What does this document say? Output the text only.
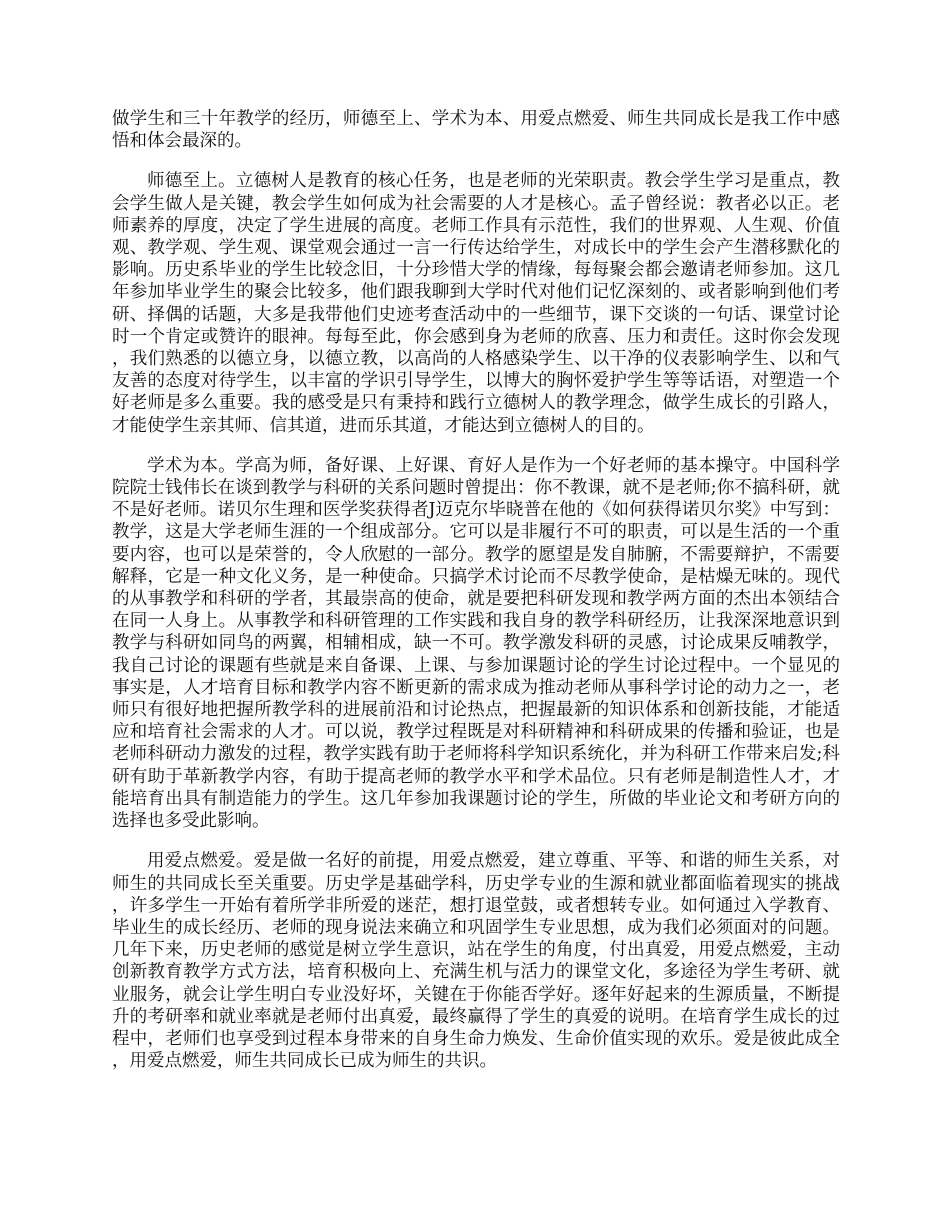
做学生和三十年教学的经历，师德至上、学术为本、用爱点燃爱、师生共同成长是我工作中感悟和体会最深的。

师德至上。立德树人是教育的核心任务，也是老师的光荣职责。教会学生学习是重点，教会学生做人是关键，教会学生如何成为社会需要的人才是核心。孟子曾经说：教者必以正。老师素养的厚度，决定了学生进展的高度。老师工作具有示范性，我们的世界观、人生观、价值观、教学观、学生观、课堂观会通过一言一行传达给学生，对成长中的学生会产生潜移默化的影响。历史系毕业的学生比较念旧，十分珍惜大学的情缘，每每聚会都会邀请老师参加。这几年参加毕业学生的聚会比较多，他们跟我聊到大学时代对他们记忆深刻的、或者影响到他们考研、择偶的话题，大多是我带他们史迹考查活动中的一些细节，课下交谈的一句话、课堂讨论时一个肯定或赞许的眼神。每每至此，你会感到身为老师的欣喜、压力和责任。这时你会发现，我们熟悉的以德立身，以德立教，以高尚的人格感染学生、以干净的仪表影响学生、以和气友善的态度对待学生，以丰富的学识引导学生，以博大的胸怀爱护学生等等话语，对塑造一个好老师是多么重要。我的感受是只有秉持和践行立德树人的教学理念，做学生成长的引路人，才能使学生亲其师、信其道，进而乐其道，才能达到立德树人的目的。

学术为本。学高为师，备好课、上好课、育好人是作为一个好老师的基本操守。中国科学院院士钱伟长在谈到教学与科研的关系问题时曾提出：你不教课，就不是老师;你不搞科研，就不是好老师。诺贝尔生理和医学奖获得者J迈克尔毕晓普在他的《如何获得诺贝尔奖》中写到：教学，这是大学老师生涯的一个组成部分。它可以是非履行不可的职责，可以是生活的一个重要内容，也可以是荣誉的，令人欣慰的一部分。教学的愿望是发自肺腑，不需要辩护，不需要解释，它是一种文化义务，是一种使命。只搞学术讨论而不尽教学使命，是枯燥无味的。现代的从事教学和科研的学者，其最崇高的使命，就是要把科研发现和教学两方面的杰出本领结合在同一人身上。从事教学和科研管理的工作实践和我自身的教学科研经历，让我深深地意识到教学与科研如同鸟的两翼，相辅相成，缺一不可。教学激发科研的灵感，讨论成果反哺教学，我自己讨论的课题有些就是来自备课、上课、与参加课题讨论的学生讨论过程中。一个显见的事实是，人才培育目标和教学内容不断更新的需求成为推动老师从事科学讨论的动力之一，老师只有很好地把握所教学科的进展前沿和讨论热点，把握最新的知识体系和创新技能，才能适应和培育社会需求的人才。可以说，教学过程既是对科研精神和科研成果的传播和验证，也是老师科研动力激发的过程，教学实践有助于老师将科学知识系统化，并为科研工作带来启发;科研有助于革新教学内容，有助于提高老师的教学水平和学术品位。只有老师是制造性人才，才能培育出具有制造能力的学生。这几年参加我课题讨论的学生，所做的毕业论文和考研方向的选择也多受此影响。

用爱点燃爱。爱是做一名好的前提，用爱点燃爱，建立尊重、平等、和谐的师生关系，对师生的共同成长至关重要。历史学是基础学科，历史学专业的生源和就业都面临着现实的挑战，许多学生一开始有着所学非所爱的迷茫，想打退堂鼓，或者想转专业。如何通过入学教育、毕业生的成长经历、老师的现身说法来确立和巩固学生专业思想，成为我们必须面对的问题。几年下来，历史老师的感觉是树立学生意识，站在学生的角度，付出真爱，用爱点燃爱，主动创新教育教学方式方法，培育积极向上、充满生机与活力的课堂文化，多途径为学生考研、就业服务，就会让学生明白专业没好坏，关键在于你能否学好。逐年好起来的生源质量，不断提升的考研率和就业率就是老师付出真爱，最终赢得了学生的真爱的说明。在培育学生成长的过程中，老师们也享受到过程本身带来的自身生命力焕发、生命价值实现的欢乐。爱是彼此成全，用爱点燃爱，师生共同成长已成为师生的共识。
